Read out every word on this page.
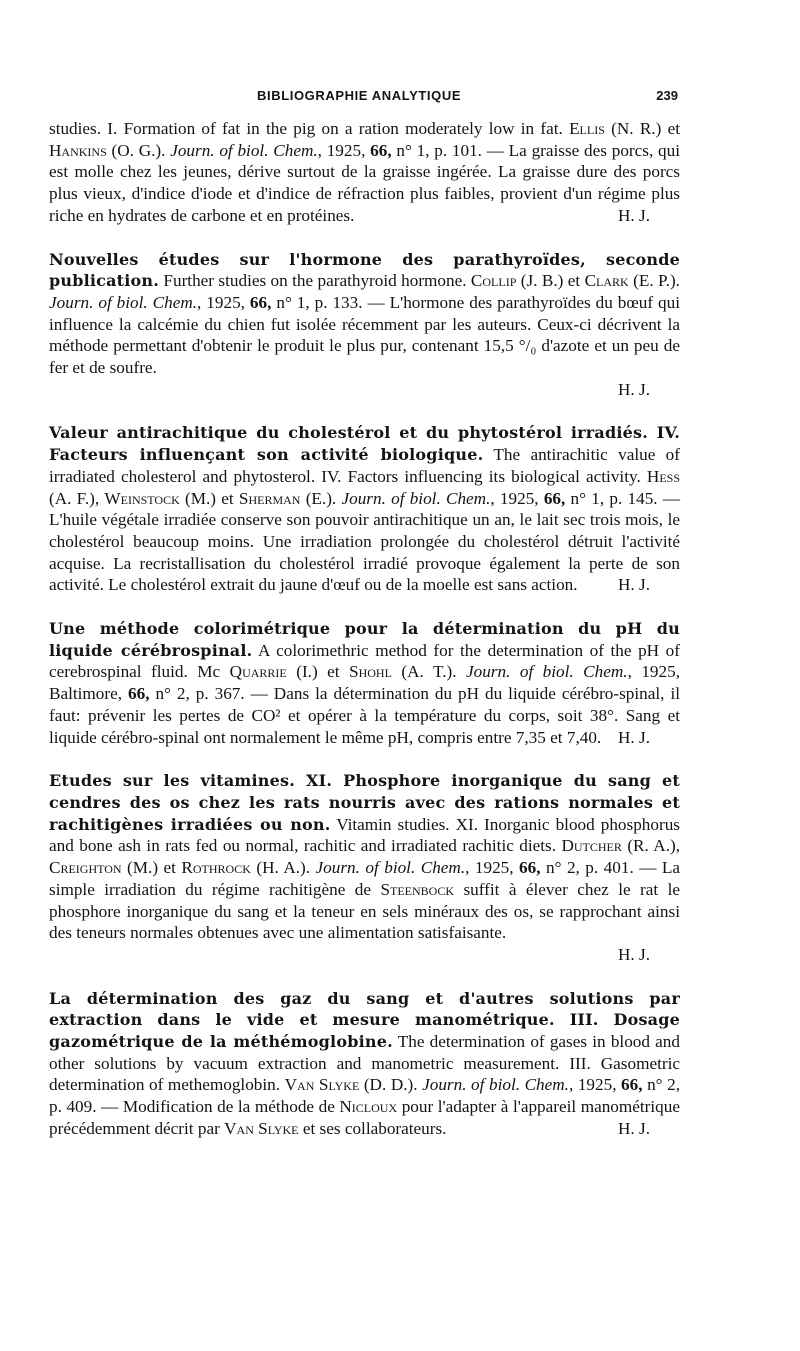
BIBLIOGRAPHIE ANALYTIQUE	239

studies. I. Formation of fat in the pig on a ration moderately low in fat. Ellis (N. R.) et Hankins (O. G.). Journ. of biol. Chem., 1925, 66, n° 1, p. 101. — La graisse des porcs, qui est molle chez les jeunes, dérive surtout de la graisse ingérée. La graisse dure des porcs plus vieux, d'indice d'iode et d'indice de réfraction plus faibles, provient d'un régime plus riche en hydrates de carbone et en protéines.	H. J.

Nouvelles études sur l'hormone des parathyroïdes, seconde publication. Further studies on the parathyroid hormone. Collip (J. B.) et Clark (E. P.). Journ. of biol. Chem., 1925, 66, n° 1, p. 133. — L'hormone des parathyroïdes du bœuf qui influence la calcémie du chien fut isolée récemment par les auteurs. Ceux-ci décrivent la méthode permettant d'obtenir le produit le plus pur, contenant 15,5 °/₀ d'azote et un peu de fer et de soufre.
H. J.

Valeur antirachitique du cholestérol et du phytostérol irradiés. IV. Facteurs influençant son activité biologique. The antirachitic value of irradiated cholesterol and phytosterol. IV. Factors influencing its biological activity. Hess (A. F.), Weinstock (M.) et Sherman (E.). Journ. of biol. Chem., 1925, 66, n° 1, p. 145. — L'huile végétale irradiée conserve son pouvoir antirachitique un an, le lait sec trois mois, le cholestérol beaucoup moins. Une irradiation prolongée du cholestérol détruit l'activité acquise. La recristallisation du cholestérol irradié provoque également la perte de son activité. Le cholestérol extrait du jaune d'œuf ou de la moelle est sans action. H. J.

Une méthode colorimétrique pour la détermination du pH du liquide cérébrospinal. A colorimethric method for the determination of the pH of cerebrospinal fluid. Mc Quarrie (I.) et Shohl (A. T.). Journ. of biol. Chem., 1925, Baltimore, 66, n° 2, p. 367. — Dans la détermination du pH du liquide cérébro-spinal, il faut: prévenir les pertes de CO² et opérer à la température du corps, soit 38°. Sang et liquide cérébro-spinal ont normalement le même pH, compris entre 7,35 et 7,40. H. J.

Etudes sur les vitamines. XI. Phosphore inorganique du sang et cendres des os chez les rats nourris avec des rations normales et rachitigènes irradiées ou non. Vitamin studies. XI. Inorganic blood phosphorus and bone ash in rats fed ou normal, rachitic and irradiated rachitic diets. Dutcher (R. A.), Creighton (M.) et Rothrock (H. A.). Journ. of biol. Chem., 1925, 66, n° 2, p. 401. — La simple irradiation du régime rachitigène de Steenbock suffit à élever chez le rat le phosphore inorganique du sang et la teneur en sels minéraux des os, se rapprochant ainsi des teneurs normales obtenues avec une alimentation satisfaisante.
H. J.

La détermination des gaz du sang et d'autres solutions par extraction dans le vide et mesure manométrique. III. Dosage gazométrique de la méthémoglobine. The determination of gases in blood and other solutions by vacuum extraction and manometric measurement. III. Gasometric determination of methemoglobin. Van Slyke (D. D.). Journ. of biol. Chem., 1925, 66, n° 2, p. 409. — Modification de la méthode de Nicloux pour l'adapter à l'appareil manométrique précédemment décrit par Van Slyke et ses collaborateurs.	H. J.
